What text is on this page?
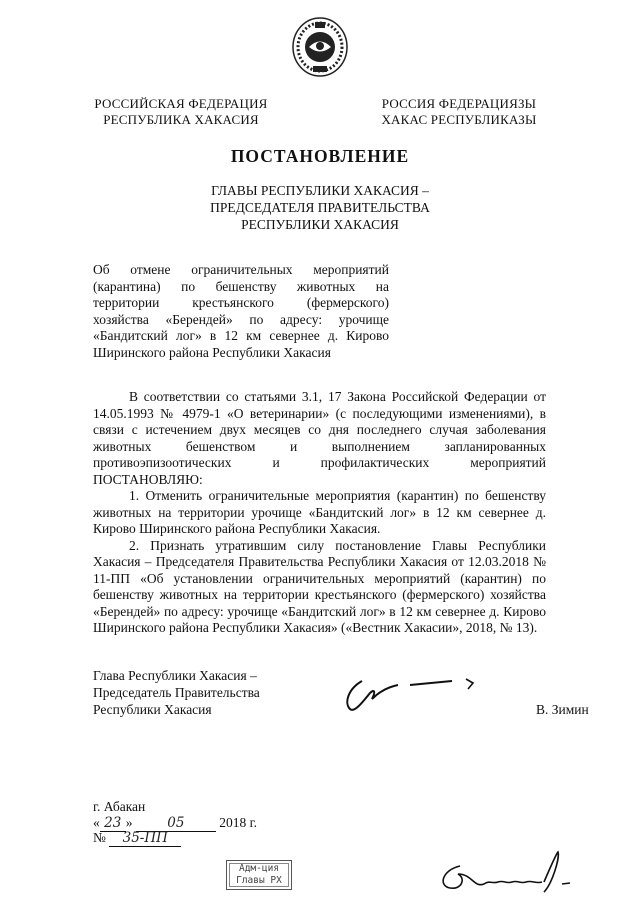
РОССИЙСКАЯ ФЕДЕРАЦИЯ
РЕСПУБЛИКА ХАКАСИЯ
РОССИЯ ФЕДЕРАЦИЯЗЫ
ХАКАС РЕСПУБЛИКАЗЫ
ПОСТАНОВЛЕНИЕ
ГЛАВЫ РЕСПУБЛИКИ ХАКАСИЯ –
ПРЕДСЕДАТЕЛЯ ПРАВИТЕЛЬСТВА
РЕСПУБЛИКИ ХАКАСИЯ
Об отмене ограничительных мероприятий (карантина) по бешенству животных на территории крестьянского (фермерского) хозяйства «Берендей» по адресу: урочище «Бандитский лог» в 12 км севернее д. Кирово Ширинского района Республики Хакасия

В соответствии со статьями 3.1, 17 Закона Российской Федерации от 14.05.1993 № 4979-1 «О ветеринарии» (с последующими изменениями), в связи с истечением двух месяцев со дня последнего случая заболевания животных бешенством и выполнением запланированных противоэпизоотических и профилактических мероприятий ПОСТАНОВЛЯЮ:

1. Отменить ограничительные мероприятия (карантин) по бешенству животных на территории урочище «Бандитский лог» в 12 км севернее д. Кирово Ширинского района Республики Хакасия.

2. Признать утратившим силу постановление Главы Республики Хакасия – Председателя Правительства Республики Хакасия от 12.03.2018 № 11-ПП «Об установлении ограничительных мероприятий (карантин) по бешенству животных на территории крестьянского (фермерского) хозяйства «Берендей» по адресу: урочище «Бандитский лог» в 12 км севернее д. Кирово Ширинского района Республики Хакасия» («Вестник Хакасии», 2018, № 13).

Глава Республики Хакасия –
Председатель Правительства
Республики Хакасия	В. Зимин
г. Абакан
« 23 »	05	2018 г.
№ 35-ПП
Адм-ция
Главы РХ
